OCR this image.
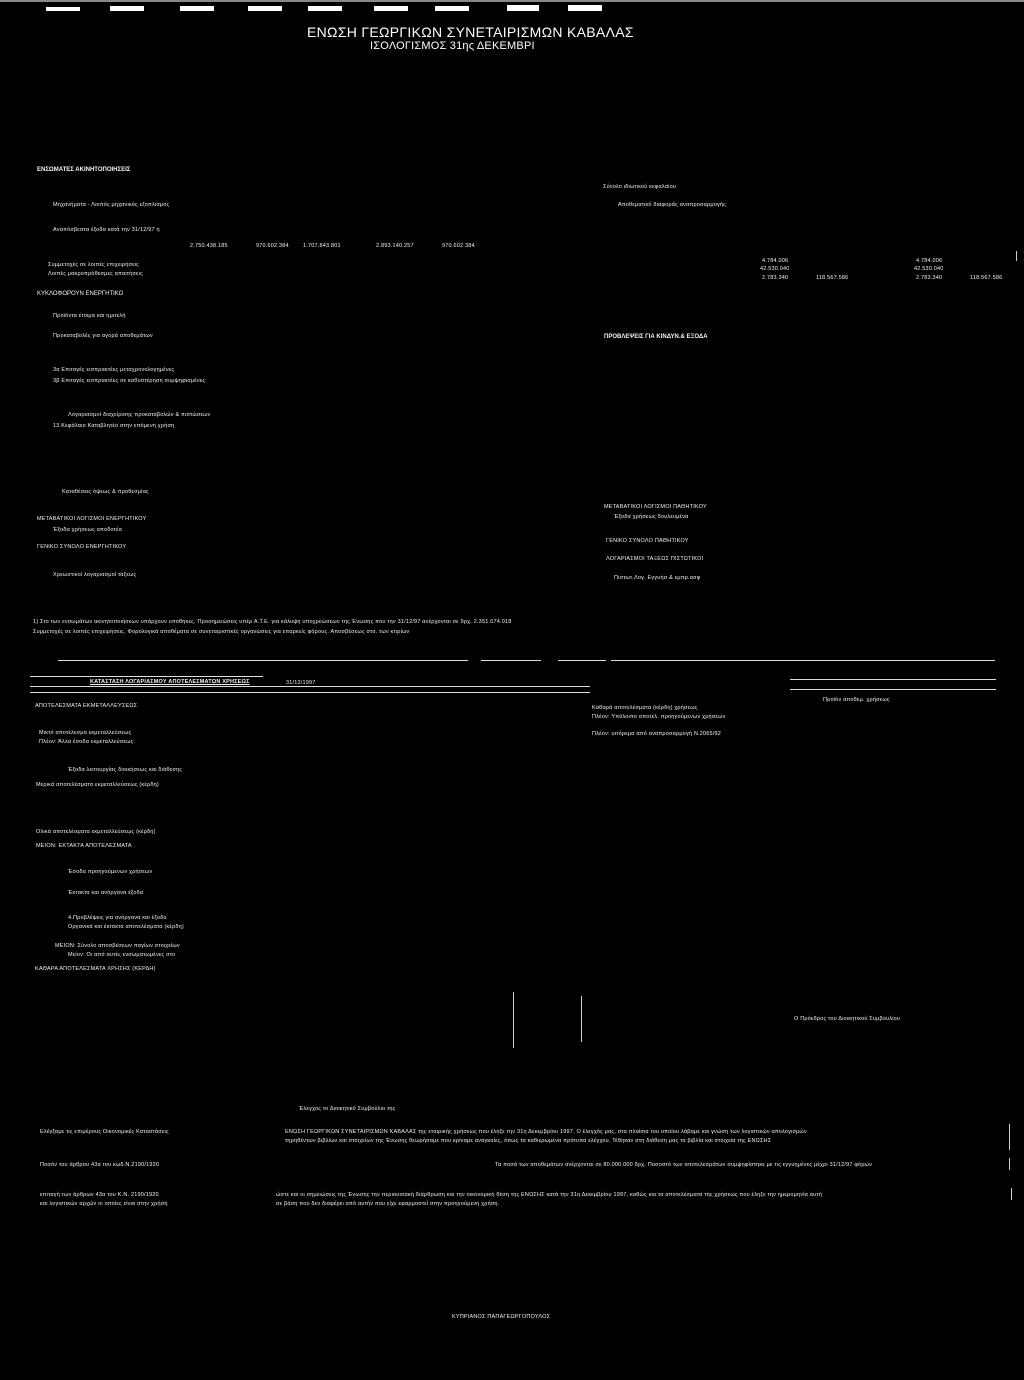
ΕΝΩΣΗ ΓΕΩΡΓΙΚΩΝ ΣΥΝΕΤΑΙΡΙΣΜΩΝ ΚΑΒΑΛΑΣ
ΙΣΟΛΟΓΙΣΜΟΣ 31ης ΔΕΚΕΜΒΡΙ
ΕΝΣΩΜΑΤΕΣ ΑΚΙΝΗΤΟΠΟΙΗΣΕΙΣ
Μηχανήματα - Λοιπός μηχανικός εξοπλισμός
Αναπόσβεστα έξοδα κατά την 31/12/97 η
2.750.438.185	970.602.384	1.707.843.801	2.893.140.257	970.602.384
Συμμετοχές σε λοιπές επιχειρήσεις
Λοιπές μακροπρόθεσμες απαιτήσεις
ΚΥΚΛΟΦΟΡΟΥΝ ΕΝΕΡΓΗΤΙΚΟ
Προϊόντα έτοιμα και ημιτελή
Προκαταβολές για αγορά αποθεμάτων
3α Επιταγές εισπρακτέες μεταχρονολογημένες
3β Επιταγές εισπρακτέες σε καθυστέρηση συμψηφισμένες
Λογαριασμοί διαχείρισης προκαταβολών & πιστώσεων
13.Κεφάλαιο Καταβλητέο στην επόμενη χρήση
Καταθέσεις όψεως & προθεσμίας
ΜΕΤΑΒΑΤΙΚΟΙ ΛΟΓΙΣΜΟΙ ΕΝΕΡΓΗΤΙΚΟΥ
Έξοδα χρήσεως αποδοτέα
ΓΕΝΙΚΟ ΣΥΝΟΛΟ ΕΝΕΡΓΗΤΙΚΟΥ
Χρεωστικοί λογαριασμοί τάξεως
Σύνολο ιδιωτικού κεφαλαίου
Αποθεματικό διαφοράς αναπροσαρμογής
4.784.006
42.530.040
2.783.340	118.567.586
4.784.006
42.530.040
2.783.340	118.567.586
ΠΡΟΒΛΕΨΕΙΣ ΓΙΑ ΚΙΝΔΥΝ.& ΕΞΟΔΑ
ΜΕΤΑΒΑΤΙΚΟΙ ΛΟΓΙΣΜΟΙ ΠΑΘΗΤΙΚΟΥ
Έξοδα χρήσεως δουλευμένα
ΓΕΝΙΚΟ ΣΥΝΟΛΟ ΠΑΘΗΤΙΚΟΥ
ΛΟΓΑΡΙΑΣΜΟΙ ΤΑΞΕΩΣ ΠΙΣΤΩΤΙΚΟΙ
Πιστωτ.Λογ. Εγγυήσ.& εμπρ.ασφ
1) Στο των ενσωμάτων ακινητοποιήσεων υπάρχουν υποθήκες. Προσημειώσεις υπέρ Α.Τ.Ε. για κάλυψη υποχρεώσεων της Ένωσης που την 31/12/97 ανέρχονται σε δρχ. 2.351.074.018
Συμμετοχές σε λοιπές επιχειρήσεις. Φορολογικά αποθέματα σε συνεταιριστικές οργανώσεις για επαρκείς φόρους. Αποσβέσεως στο. των κτιρίων
ΚΑΤΑΣΤΑΣΗ ΛΟΓΑΡΙΑΣΜΟΥ ΑΠΟΤΕΛΕΣΜΑΤΩΝ ΧΡΗΣΕΩΣ	31/12/1997
ΑΠΟΤΕΛΕΣΜΑΤΑ ΕΚΜΕΤΑΛΛΕΥΣΕΩΣ
Μικτό αποτέλεσμα εκμεταλλεύσεως
Πλέον: Άλλα έσοδα εκμεταλλεύσεως
Έξοδα λειτουργίας διοικήσεως και διάθεσης
Μερικά αποτελέσματα εκμεταλλεύσεως (κέρδη)
Ολικά αποτελέσματα εκμεταλλεύσεως (κέρδη)
ΜΕΙΟΝ: ΕΚΤΑΚΤΑ ΑΠΟΤΕΛΕΣΜΑΤΑ
Έσοδα προηγούμενων χρήσεων
Έκτακτα και ανόργανα έξοδα
4.Προβλέψεις για ανόργανα και έξοδα
Οργανικά και έκτακτα αποτελέσματα (κέρδη)
ΜΕΙΟΝ: Σύνολο αποσβέσεων παγίων στοιχείων
Μείον: Οι από αυτές ενσωματωμένες στο
ΚΑΘΑΡΑ ΑΠΟΤΕΛΕΣΜΑΤΑ ΧΡΗΣΗΣ (ΚΕΡΔΗ)
Προϊόν αποθεμ. χρήσεως
Καθαρά αποτελέσματα (κέρδη) χρήσεως
Πλέον: Υπόλοιπο αποτελ. προηγούμενων χρήσεων
Πλέον: υπόρεμα από αναπροσαρμογή Ν.2065/92
Ο Πρόεδρος του Διοικητικού Συμβουλίου
Έλεγχος το Διοικητικό Συμβούλιο της
Ελέγξαμε τις επιμέρους Οικονομικές Καταστάσεις
Ποσόν του άρθρου 43α του κωδ.Ν.2190/1920
επιταγή των άρθρων 43α του Κ.Ν. 2190/1920
και λογιστικών αρχών οι οποίες είναι στην χρήση
ΕΝΩΣΗ ΓΕΩΡΓΙΚΩΝ ΣΥΝΕΤΑΙΡΙΣΜΩΝ ΚΑΒΑΛΑΣ της εταιρικής χρήσεως που έληξε την 31η Δεκεμβρίου 1997. Ο έλεγχός μας, στα πλαίσια του οποίου λάβαμε και γνώση των λογιστικών απολογισμών
τηρηθέντων βιβλίων και στοιχείων της Ένωσης θεωρήσαμε που κρίναμε αναγκαίες, όπως τα καθιερωμένα πρότυπα ελέγχου. Τέθηκαν στη διάθεση μας τα βιβλία και στοιχεία της ΕΝΩΣΗΣ
Τα ποσά των αποθεμάτων ανέρχονται σε 80.000.000 δρχ. Ποσοστό των αποτελεσμάτων συμψηφίστηκε με τις εγγυημένες μέχρι 31/12/97 φόρων
ώστε και οι σημειώσεις της Ένωσης την περιουσιακή διάρθρωση και την οικονομική θέση της ΕΝΩΣΗΣ κατά την 31η Δεκεμβρίου 1997, καθώς και τα αποτελέσματα της χρήσεως που έληξε την ημερομηνία αυτή
σε βάση που δεν διαφέρει από αυτήν που είχε εφαρμοστεί στην προηγούμενη χρήση.
ΚΥΠΡΙΑΝΟΣ ΠΑΠΑΓΕΩΡΓΟΠΟΥΛΟΣ
